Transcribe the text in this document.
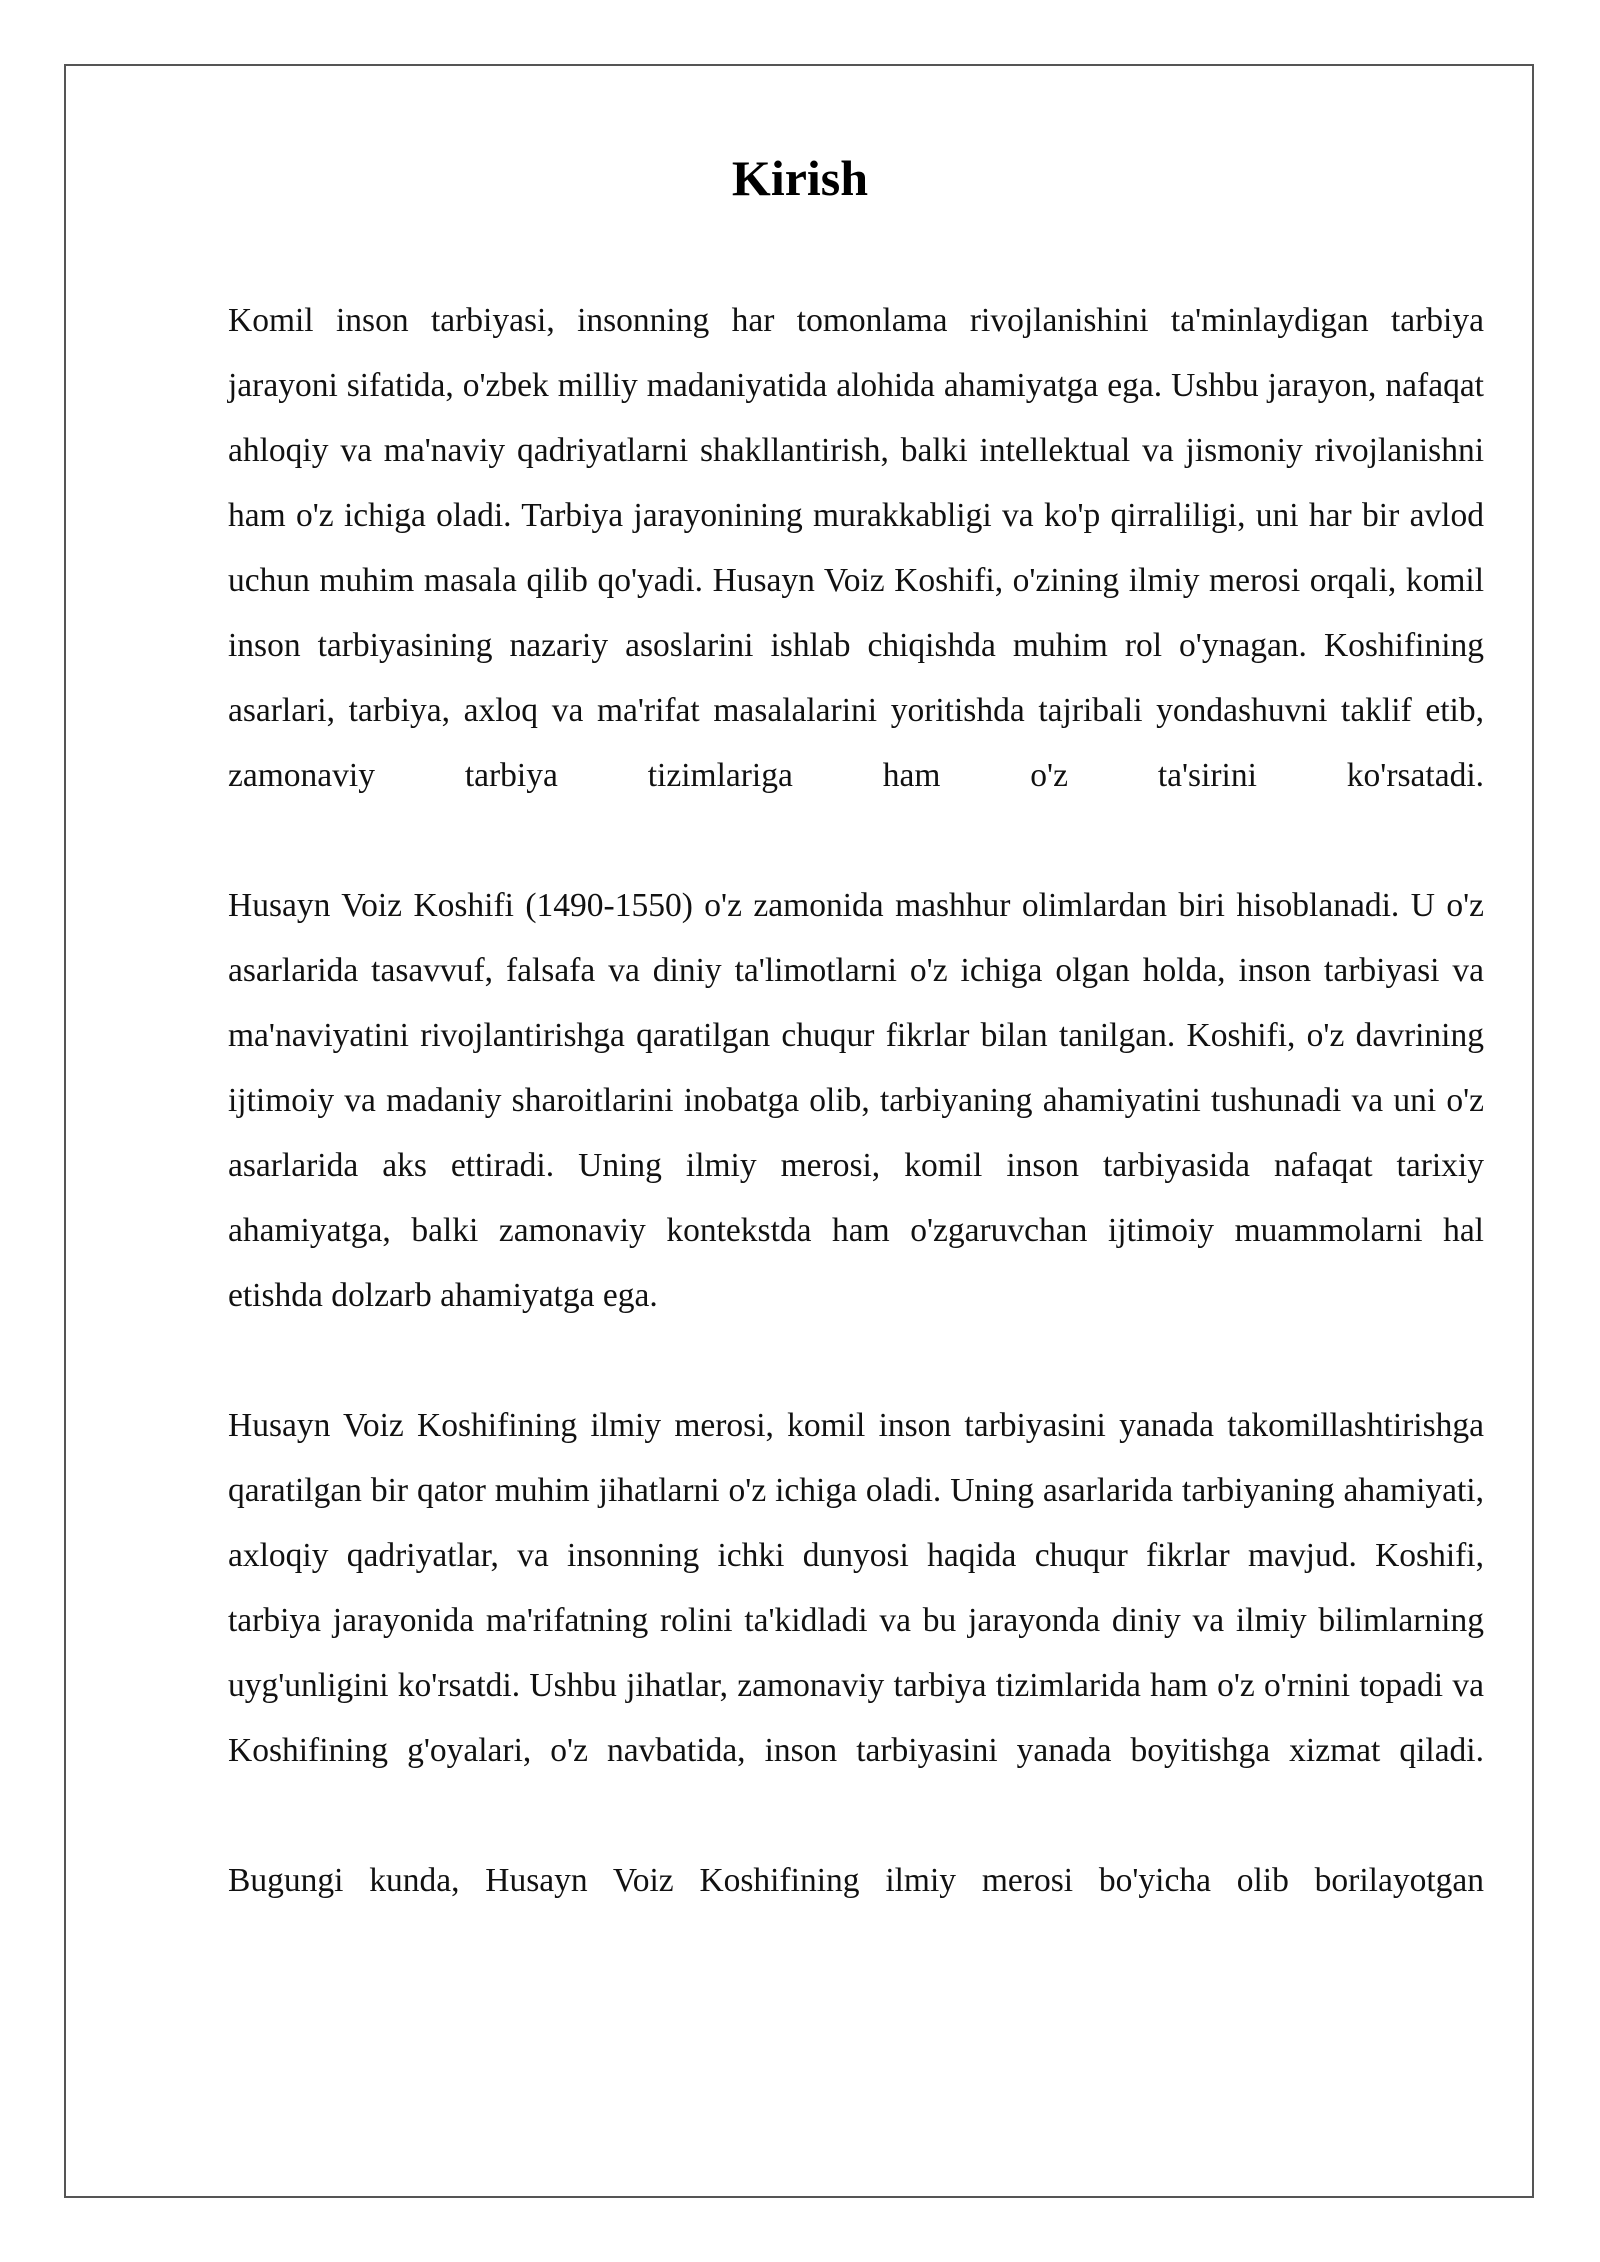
Kirish

Komil inson tarbiyasi, insonning har tomonlama rivojlanishini ta'minlaydigan tarbiya jarayoni sifatida, o'zbek milliy madaniyatida alohida ahamiyatga ega. Ushbu jarayon, nafaqat ahloqiy va ma'naviy qadriyatlarni shakllantirish, balki intellektual va jismoniy rivojlanishni ham o'z ichiga oladi. Tarbiya jarayonining murakkabligi va ko'p qirraliligi, uni har bir avlod uchun muhim masala qilib qo'yadi. Husayn Voiz Koshifi, o'zining ilmiy merosi orqali, komil inson tarbiyasining nazariy asoslarini ishlab chiqishda muhim rol o'ynagan. Koshifining asarlari, tarbiya, axloq va ma'rifat masalalarini yoritishda tajribali yondashuvni taklif etib, zamonaviy tarbiya tizimlariga ham o'z ta'sirini ko'rsatadi.

Husayn Voiz Koshifi (1490-1550) o'z zamonida mashhur olimlardan biri hisoblanadi. U o'z asarlarida tasavvuf, falsafa va diniy ta'limotlarni o'z ichiga olgan holda, inson tarbiyasi va ma'naviyatini rivojlantirishga qaratilgan chuqur fikrlar bilan tanilgan. Koshifi, o'z davrining ijtimoiy va madaniy sharoitlarini inobatga olib, tarbiyaning ahamiyatini tushunadi va uni o'z asarlarida aks ettiradi. Uning ilmiy merosi, komil inson tarbiyasida nafaqat tarixiy ahamiyatga, balki zamonaviy kontekstda ham o'zgaruvchan ijtimoiy muammolarni hal etishda dolzarb ahamiyatga ega.

Husayn Voiz Koshifining ilmiy merosi, komil inson tarbiyasini yanada takomillashtirishga qaratilgan bir qator muhim jihatlarni o'z ichiga oladi. Uning asarlarida tarbiyaning ahamiyati, axloqiy qadriyatlar, va insonning ichki dunyosi haqida chuqur fikrlar mavjud. Koshifi, tarbiya jarayonida ma'rifatning rolini ta'kidladi va bu jarayonda diniy va ilmiy bilimlarning uyg'unligini ko'rsatdi. Ushbu jihatlar, zamonaviy tarbiya tizimlarida ham o'z o'rnini topadi va Koshifining g'oyalari, o'z navbatida, inson tarbiyasini yanada boyitishga xizmat qiladi.

Bugungi kunda, Husayn Voiz Koshifining ilmiy merosi bo'yicha olib borilayotgan
